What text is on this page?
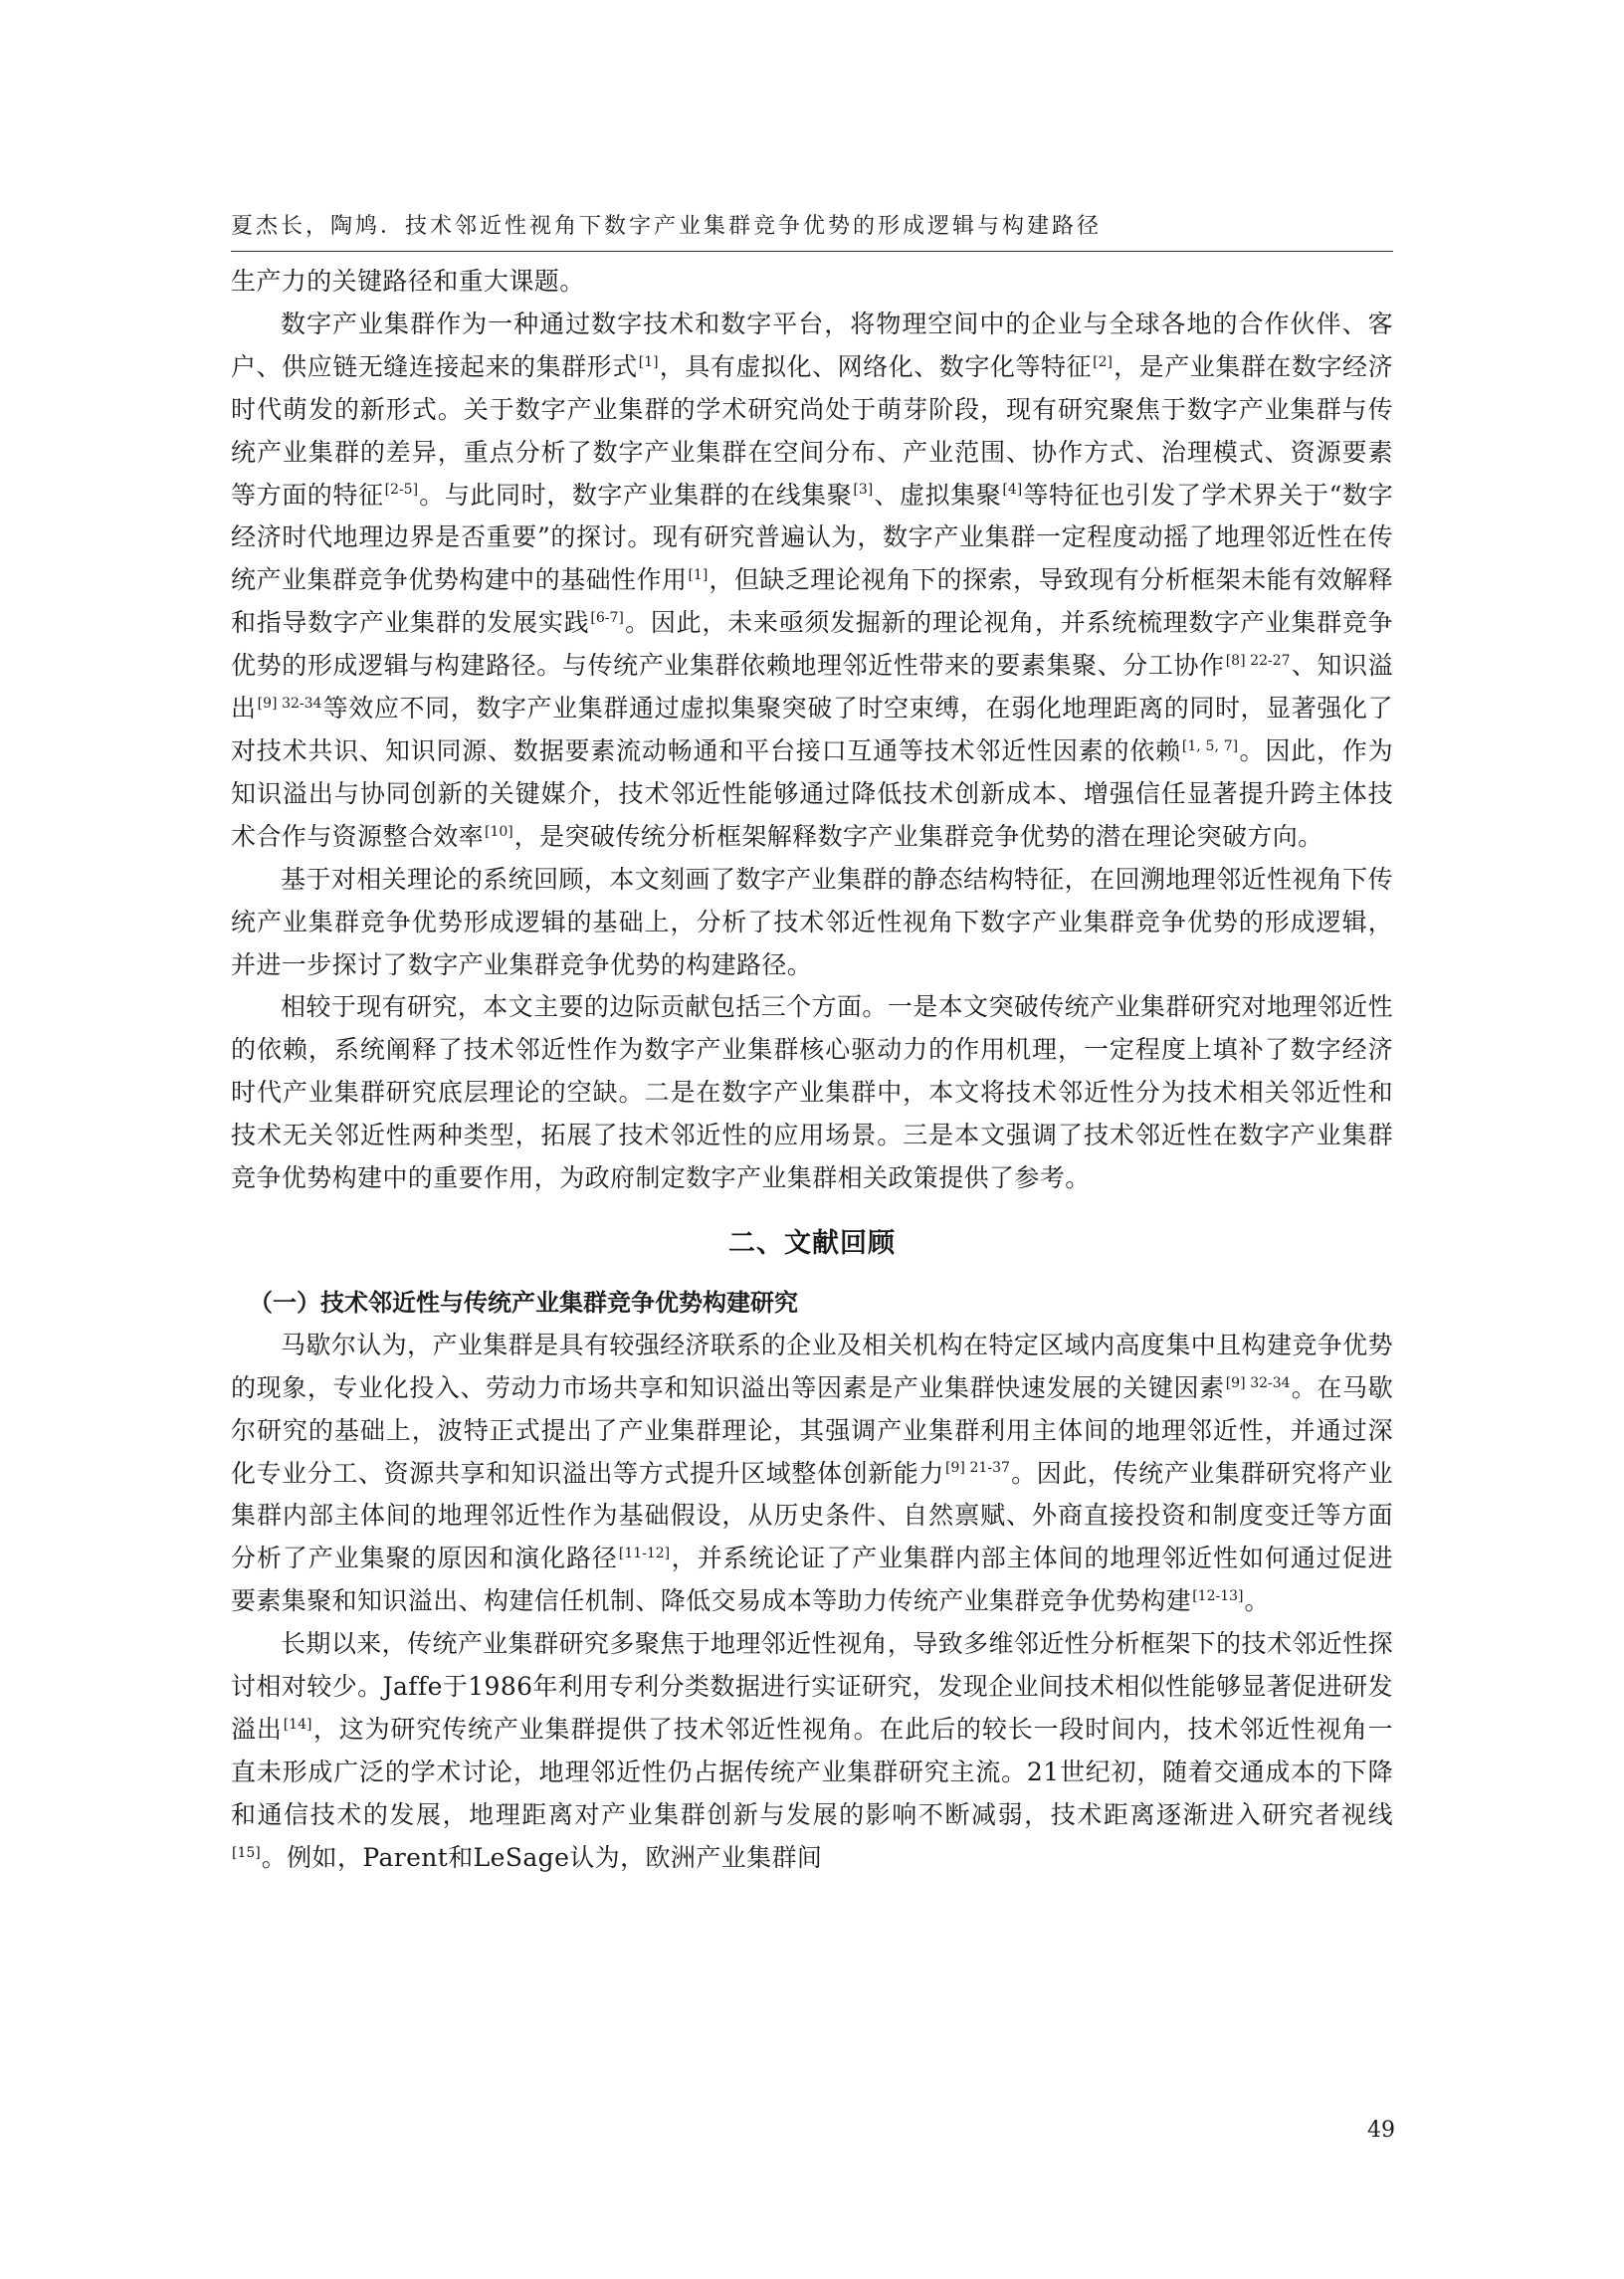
夏杰长，陶鸠．技术邻近性视角下数字产业集群竞争优势的形成逻辑与构建路径

生产力的关键路径和重大课题。

数字产业集群作为一种通过数字技术和数字平台，将物理空间中的企业与全球各地的合作伙伴、客户、供应链无缝连接起来的集群形式[1]，具有虚拟化、网络化、数字化等特征[2]，是产业集群在数字经济时代萌发的新形式。关于数字产业集群的学术研究尚处于萌芽阶段，现有研究聚焦于数字产业集群与传统产业集群的差异，重点分析了数字产业集群在空间分布、产业范围、协作方式、治理模式、资源要素等方面的特征[2-5]。与此同时，数字产业集群的在线集聚[3]、虚拟集聚[4]等特征也引发了学术界关于“数字经济时代地理边界是否重要”的探讨。现有研究普遍认为，数字产业集群一定程度动摇了地理邻近性在传统产业集群竞争优势构建中的基础性作用[1]，但缺乏理论视角下的探索，导致现有分析框架未能有效解释和指导数字产业集群的发展实践[6-7]。因此，未来亟须发掘新的理论视角，并系统梳理数字产业集群竞争优势的形成逻辑与构建路径。与传统产业集群依赖地理邻近性带来的要素集聚、分工协作$^{[8] 22-27}$、知识溢出$^{[9] 32-34}$等效应不同，数字产业集群通过虚拟集聚突破了时空束缚，在弱化地理距离的同时，显著强化了对技术共识、知识同源、数据要素流动畅通和平台接口互通等技术邻近性因素的依赖[1, 5, 7]。因此，作为知识溢出与协同创新的关键媒介，技术邻近性能够通过降低技术创新成本、增强信任显著提升跨主体技术合作与资源整合效率[10]，是突破传统分析框架解释数字产业集群竞争优势的潜在理论突破方向。

基于对相关理论的系统回顾，本文刻画了数字产业集群的静态结构特征，在回溯地理邻近性视角下传统产业集群竞争优势形成逻辑的基础上，分析了技术邻近性视角下数字产业集群竞争优势的形成逻辑，并进一步探讨了数字产业集群竞争优势的构建路径。

相较于现有研究，本文主要的边际贡献包括三个方面。一是本文突破传统产业集群研究对地理邻近性的依赖，系统阐释了技术邻近性作为数字产业集群核心驱动力的作用机理，一定程度上填补了数字经济时代产业集群研究底层理论的空缺。二是在数字产业集群中，本文将技术邻近性分为技术相关邻近性和技术无关邻近性两种类型，拓展了技术邻近性的应用场景。三是本文强调了技术邻近性在数字产业集群竞争优势构建中的重要作用，为政府制定数字产业集群相关政策提供了参考。

二、文献回顾
（一）技术邻近性与传统产业集群竞争优势构建研究

马歇尔认为，产业集群是具有较强经济联系的企业及相关机构在特定区域内高度集中且构建竞争优势的现象，专业化投入、劳动力市场共享和知识溢出等因素是产业集群快速发展的关键因素$^{[9] 32-34}$。在马歇尔研究的基础上，波特正式提出了产业集群理论，其强调产业集群利用主体间的地理邻近性，并通过深化专业分工、资源共享和知识溢出等方式提升区域整体创新能力$^{[9] 21-37}$。因此，传统产业集群研究将产业集群内部主体间的地理邻近性作为基础假设，从历史条件、自然禀赋、外商直接投资和制度变迁等方面分析了产业集聚的原因和演化路径[11-12]，并系统论证了产业集群内部主体间的地理邻近性如何通过促进要素集聚和知识溢出、构建信任机制、降低交易成本等助力传统产业集群竞争优势构建[12-13]。

长期以来，传统产业集群研究多聚焦于地理邻近性视角，导致多维邻近性分析框架下的技术邻近性探讨相对较少。Jaffe于1986年利用专利分类数据进行实证研究，发现企业间技术相似性能够显著促进研发溢出[14]，这为研究传统产业集群提供了技术邻近性视角。在此后的较长一段时间内，技术邻近性视角一直未形成广泛的学术讨论，地理邻近性仍占据传统产业集群研究主流。21世纪初，随着交通成本的下降和通信技术的发展，地理距离对产业集群创新与发展的影响不断减弱，技术距离逐渐进入研究者视线[15]。例如，Parent和LeSage认为，欧洲产业集群间

49
